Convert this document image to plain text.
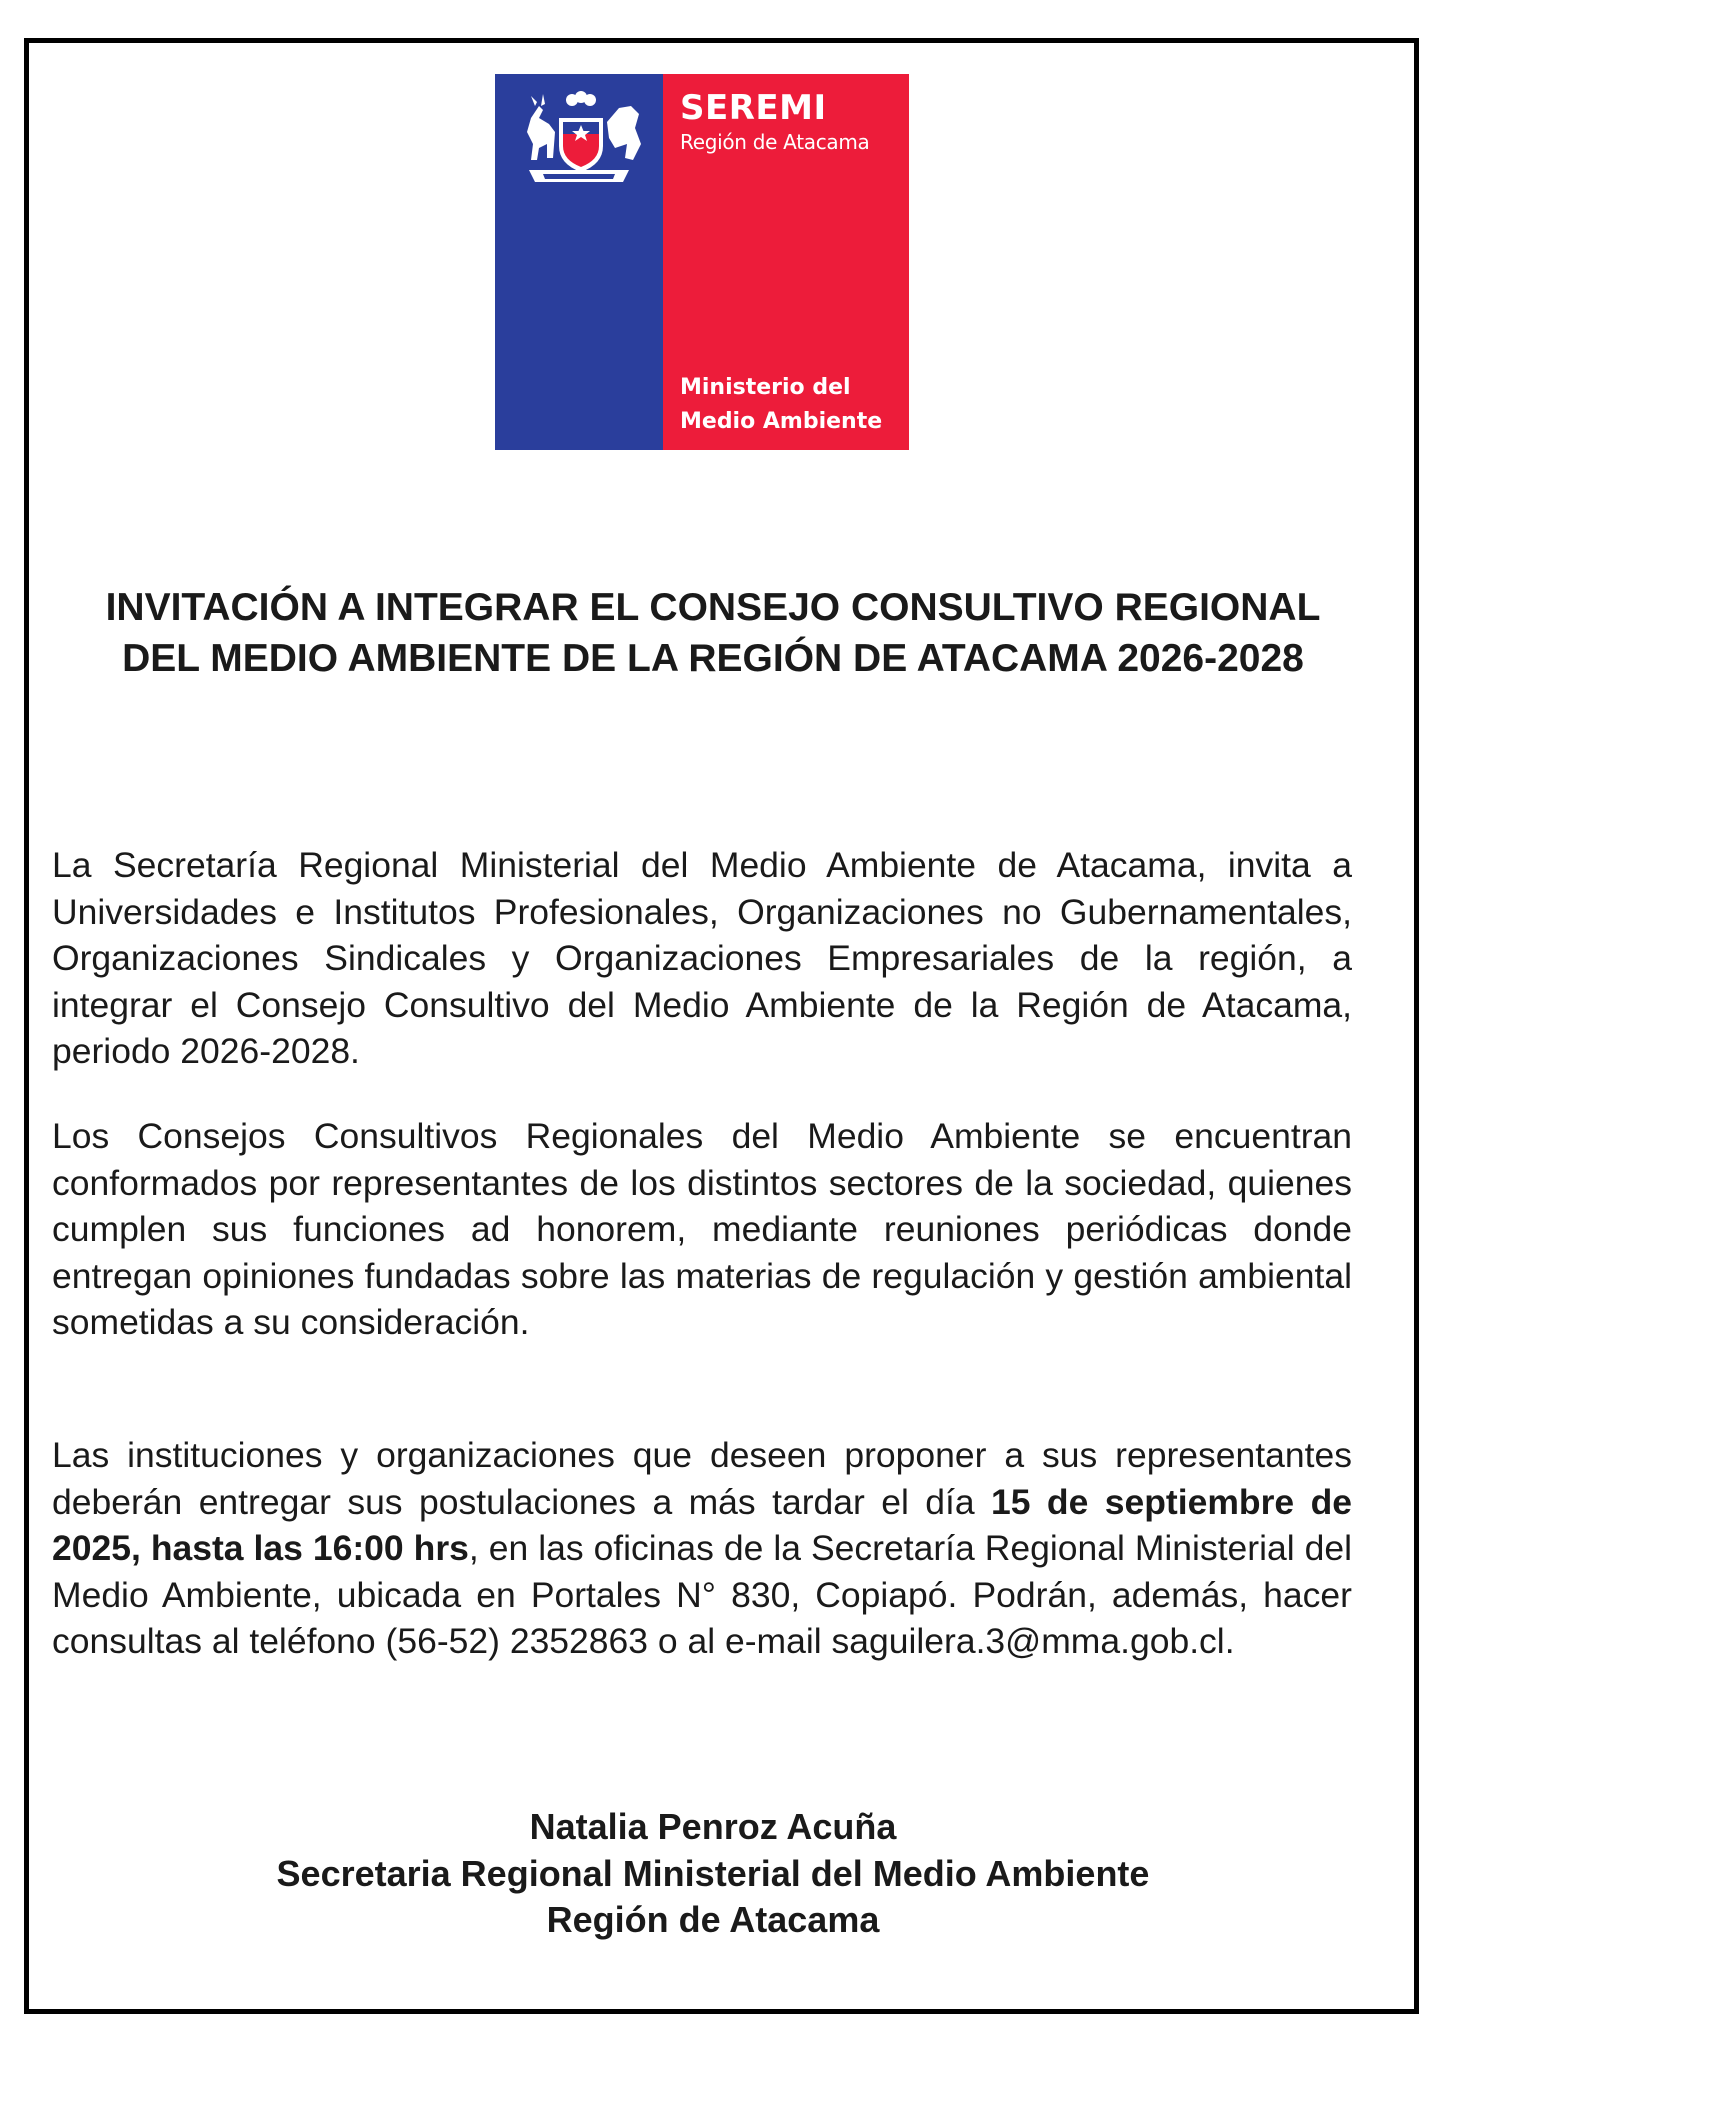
SEREMI
Región de Atacama
Ministerio del
Medio Ambiente
INVITACIÓN A INTEGRAR EL CONSEJO CONSULTIVO REGIONAL DEL MEDIO AMBIENTE DE LA REGIÓN DE ATACAMA 2026-2028

La Secretaría Regional Ministerial del Medio Ambiente de Atacama, invita a Universidades e Institutos Profesionales, Organizaciones no Gubernamentales, Organizaciones Sindicales y Organizaciones Empresariales de la región, a integrar el Consejo Consultivo del Medio Ambiente de la Región de Atacama, periodo 2026-2028.

Los Consejos Consultivos Regionales del Medio Ambiente se encuentran conformados por representantes de los distintos sectores de la sociedad, quienes cumplen sus funciones ad honorem, mediante reuniones periódicas donde entregan opiniones fundadas sobre las materias de regulación y gestión ambiental sometidas a su consideración.

Las instituciones y organizaciones que deseen proponer a sus representantes deberán entregar sus postulaciones a más tardar el día 15 de septiembre de 2025, hasta las 16:00 hrs, en las oficinas de la Secretaría Regional Ministerial del Medio Ambiente, ubicada en Portales N° 830, Copiapó. Podrán, además, hacer consultas al teléfono (56-52) 2352863 o al e-mail saguilera.3@mma.gob.cl.

Natalia Penroz Acuña
Secretaria Regional Ministerial del Medio Ambiente
Región de Atacama
